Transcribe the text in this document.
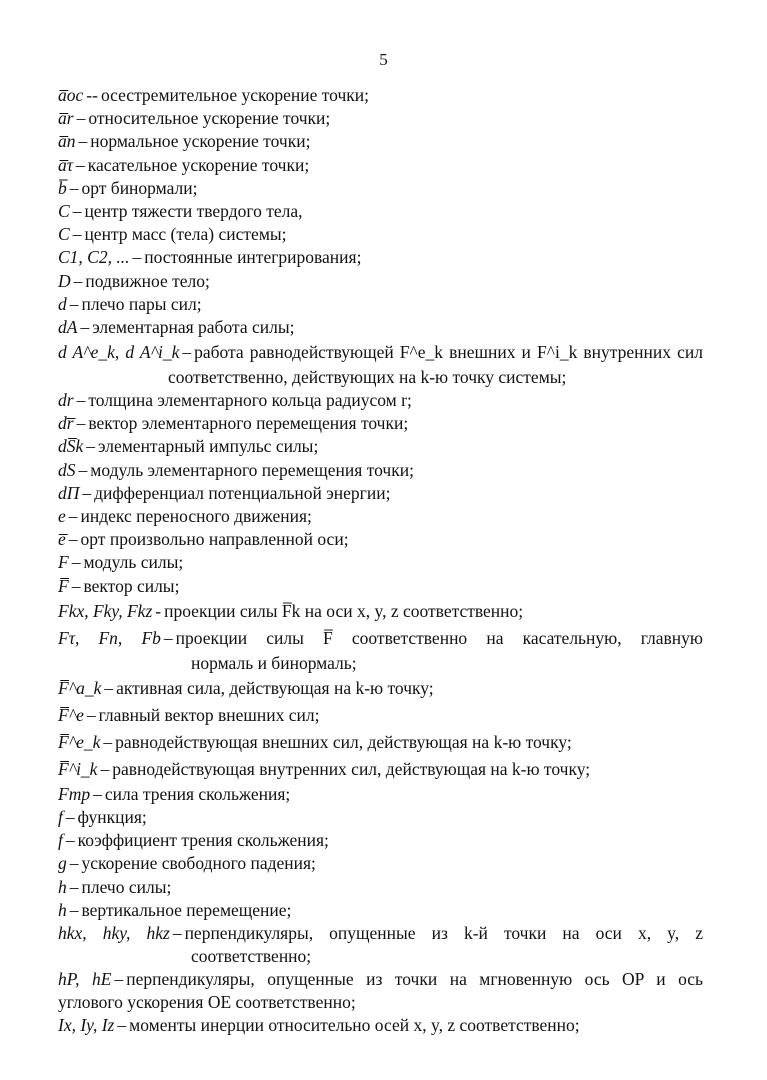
5
a̅ос -- осестремительное ускорение точки;
a̅r – относительное ускорение точки;
a̅n – нормальное ускорение точки;
a̅τ – касательное ускорение точки;
b̅ – орт бинормали;
C – центр тяжести твердого тела,
C – центр масс (тела) системы;
C1, C2, ... – постоянные интегрирования;
D – подвижное тело;
d – плечо пары сил;
dA – элементарная работа силы;
d A^e_k, d A^i_k – работа равнодействующей F^e_k внешних и F^i_k внутренних сил
соответственно, действующих на k-ю точку системы;
dr – толщина элементарного кольца радиусом r;
dr̅ – вектор элементарного перемещения точки;
dS̅k – элементарный импульс силы;
dS – модуль элементарного перемещения точки;
dП – дифференциал потенциальной энергии;
e – индекс переносного движения;
e̅ – орт произвольно направленной оси;
F – модуль силы;
F̅ – вектор силы;
Fkx, Fky, Fkz - проекции силы F̅k на оси x, y, z соответственно;
Fτ, Fn, Fb – проекции силы F̅ соответственно на касательную, главную
нормаль и бинормаль;
F̅^a_k – активная сила, действующая на k-ю точку;
F̅^e – главный вектор внешних сил;
F̅^e_k – равнодействующая внешних сил, действующая на k-ю точку;
F̅^i_k – равнодействующая внутренних сил, действующая на k-ю точку;
Fтр – сила трения скольжения;
f – функция;
f – коэффициент трения скольжения;
g – ускорение свободного падения;
h – плечо силы;
h – вертикальное перемещение;
hkx, hky, hkz – перпендикуляры, опущенные из k-й точки на оси x, y, z
соответственно;
hP, hE – перпендикуляры, опущенные из точки на мгновенную ось OP и ось
углового ускорения OE соответственно;
Ix, Iy, Iz – моменты инерции относительно осей x, y, z соответственно;
